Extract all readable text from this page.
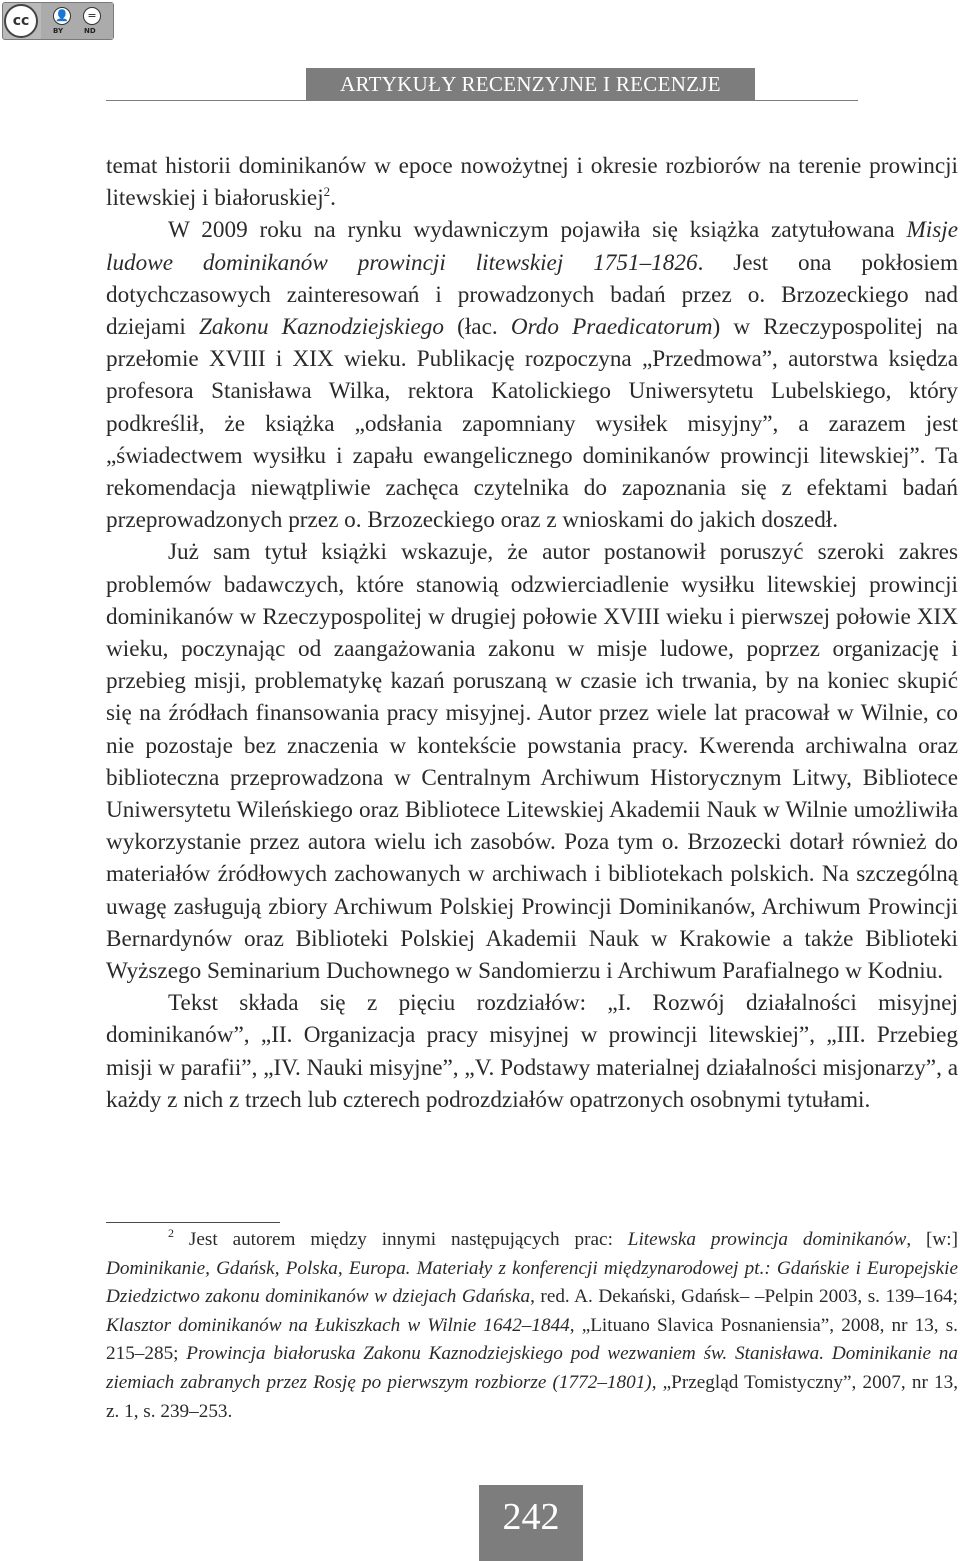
cc	👤	=
BY	ND
ARTYKUŁY RECENZYJNE I RECENZJE

temat historii dominikanów w epoce nowożytnej i okresie rozbiorów na terenie prowincji litewskiej i białoruskiej$^2$.

W 2009 roku na rynku wydawniczym pojawiła się książka zatytułowana Misje ludowe dominikanów prowincji litewskiej 1751–1826. Jest ona pokłosiem dotychczasowych zainteresowań i prowadzonych badań przez o. Brzozeckiego nad dziejami Zakonu Kaznodziejskiego (łac. Ordo Praedicatorum) w Rzeczypospolitej na przełomie XVIII i XIX wieku. Publikację rozpoczyna „Przedmowa”, autorstwa księdza profesora Stanisława Wilka, rektora Katolickiego Uniwersytetu Lubelskiego, który podkreślił, że książka „odsłania zapomniany wysiłek misyjny”, a zarazem jest „świadectwem wysiłku i zapału ewangelicznego dominikanów prowincji litewskiej”. Ta rekomendacja niewątpliwie zachęca czytelnika do zapoznania się z efektami badań przeprowadzonych przez o. Brzozeckiego oraz z wnioskami do jakich doszedł.

Już sam tytuł książki wskazuje, że autor postanowił poruszyć szeroki zakres problemów badawczych, które stanowią odzwierciadlenie wysiłku litewskiej prowincji dominikanów w Rzeczypospolitej w drugiej połowie XVIII wieku i pierwszej połowie XIX wieku, poczynając od zaangażowania zakonu w misje ludowe, poprzez organizację i przebieg misji, problematykę kazań poruszaną w czasie ich trwania, by na koniec skupić się na źródłach finansowania pracy misyjnej. Autor przez wiele lat pracował w Wilnie, co nie pozostaje bez znaczenia w kontekście powstania pracy. Kwerenda archiwalna oraz biblioteczna przeprowadzona w Centralnym Archiwum Historycznym Litwy, Bibliotece Uniwersytetu Wileńskiego oraz Bibliotece Litewskiej Akademii Nauk w Wilnie umożliwiła wykorzystanie przez autora wielu ich zasobów. Poza tym o. Brzozecki dotarł również do materiałów źródłowych zachowanych w archiwach i bibliotekach polskich. Na szczególną uwagę zasługują zbiory Archiwum Polskiej Prowincji Dominikanów, Archiwum Prowincji Bernardynów oraz Biblioteki Polskiej Akademii Nauk w Krakowie a także Biblioteki Wyższego Seminarium Duchownego w Sandomierzu i Archiwum Parafialnego w Kodniu.

Tekst składa się z pięciu rozdziałów: „I. Rozwój działalności misyjnej dominikanów”, „II. Organizacja pracy misyjnej w prowincji litewskiej”, „III. Przebieg misji w parafii”, „IV. Nauki misyjne”, „V. Podstawy materialnej działalności misjonarzy”, a każdy z nich z trzech lub czterech podrozdziałów opatrzonych osobnymi tytułami.

$^2$ Jest autorem między innymi następujących prac: Litewska prowincja dominikanów, [w:] Dominikanie, Gdańsk, Polska, Europa. Materiały z konferencji międzynarodowej pt.: Gdańskie i Europejskie Dziedzictwo zakonu dominikanów w dziejach Gdańska, red. A. Dekański, Gdańsk– –Pelpin 2003, s. 139–164; Klasztor dominikanów na Łukiszkach w Wilnie 1642–1844, „Lituano Slavica Posnaniensia”, 2008, nr 13, s. 215–285; Prowincja białoruska Zakonu Kaznodziejskiego pod wezwaniem św. Stanisława. Dominikanie na ziemiach zabranych przez Rosję po pierwszym rozbiorze (1772–1801), „Przegląd Tomistyczny”, 2007, nr 13, z. 1, s. 239–253.

242
